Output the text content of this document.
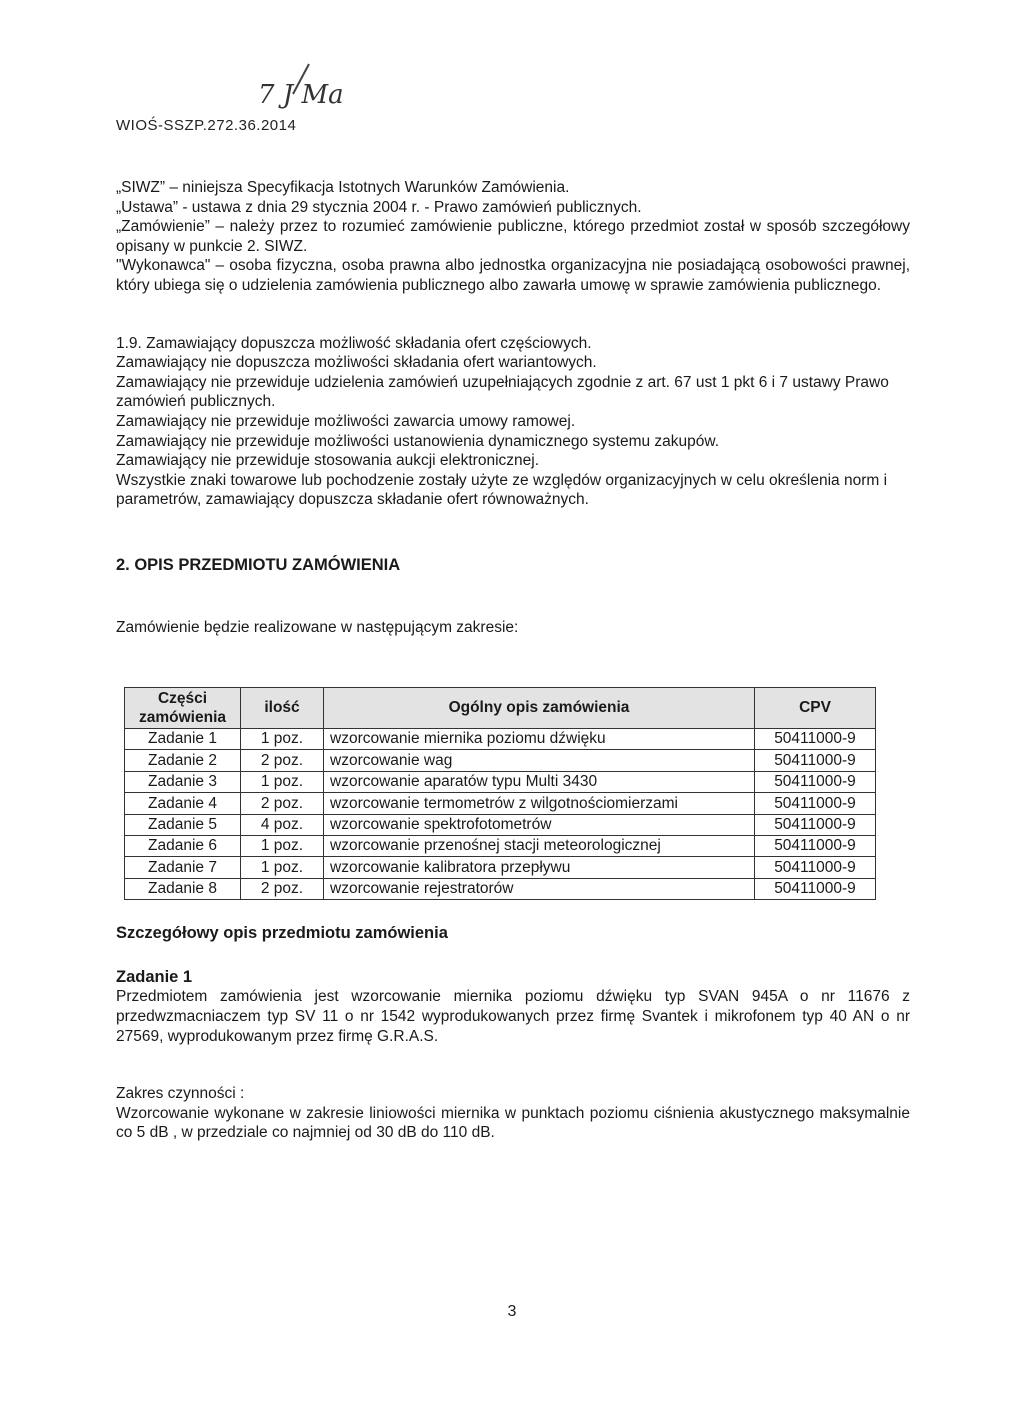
WIOŚ-SSZP.272.36.2014
7 J Ma

„SIWZ” – niniejsza Specyfikacja Istotnych Warunków Zamówienia.

„Ustawa” - ustawa z dnia 29 stycznia 2004 r. - Prawo zamówień publicznych.

„Zamówienie” – należy przez to rozumieć zamówienie publiczne, którego przedmiot został w sposób szczegółowy opisany w punkcie 2. SIWZ.

"Wykonawca" – osoba fizyczna, osoba prawna albo jednostka organizacyjna nie posiadającą osobowości prawnej, który ubiega się o udzielenia zamówienia publicznego albo zawarła umowę w sprawie zamówienia publicznego.

1.9. Zamawiający dopuszcza możliwość składania ofert częściowych.

Zamawiający nie dopuszcza możliwości składania ofert wariantowych.

Zamawiający nie przewiduje udzielenia zamówień uzupełniających zgodnie z art. 67 ust 1 pkt 6 i 7 ustawy Prawo zamówień publicznych.

Zamawiający nie przewiduje możliwości zawarcia umowy ramowej.

Zamawiający nie przewiduje możliwości ustanowienia dynamicznego systemu zakupów.

Zamawiający nie przewiduje stosowania aukcji elektronicznej.

Wszystkie znaki towarowe lub pochodzenie zostały użyte ze względów organizacyjnych w celu określenia norm i parametrów, zamawiający dopuszcza składanie ofert równoważnych.

2. OPIS PRZEDMIOTU ZAMÓWIENIA

Zamówienie będzie realizowane w następującym zakresie:

Części zamówienia	ilość	Ogólny opis zamówienia	CPV
Zadanie 1	1 poz.	wzorcowanie miernika poziomu dźwięku	50411000-9
Zadanie 2	2 poz.	wzorcowanie wag	50411000-9
Zadanie 3	1 poz.	wzorcowanie aparatów typu Multi 3430	50411000-9
Zadanie 4	2 poz.	wzorcowanie termometrów z wilgotnościomierzami	50411000-9
Zadanie 5	4 poz.	wzorcowanie spektrofotometrów	50411000-9
Zadanie 6	1 poz.	wzorcowanie przenośnej stacji meteorologicznej	50411000-9
Zadanie 7	1 poz.	wzorcowanie kalibratora przepływu	50411000-9
Zadanie 8	2 poz.	wzorcowanie rejestratorów	50411000-9

Szczegółowy opis przedmiotu zamówienia

Zadanie 1

Przedmiotem zamówienia jest wzorcowanie miernika poziomu dźwięku typ SVAN 945A o nr 11676 z przedwzmacniaczem typ SV 11 o nr 1542 wyprodukowanych przez firmę Svantek i mikrofonem typ 40 AN o nr 27569, wyprodukowanym przez firmę G.R.A.S.

Zakres czynności :

Wzorcowanie wykonane w zakresie liniowości miernika w punktach poziomu ciśnienia akustycznego maksymalnie co 5 dB , w przedziale co najmniej od 30 dB do 110 dB.

3
